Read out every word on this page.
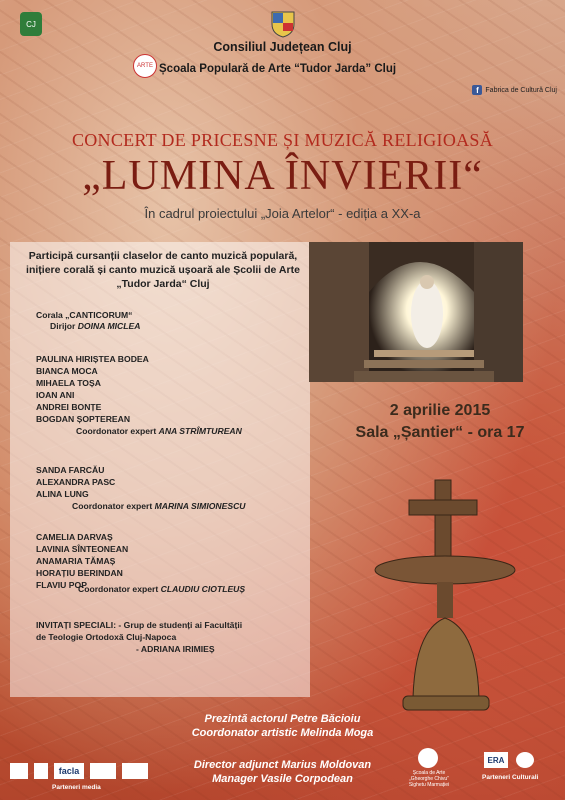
CJ
Consiliul Județean Cluj
ARTE Școala Populară de Arte “Tudor Jarda” Cluj
f Fabrica de Cultură Cluj
CONCERT DE PRICESNE ȘI MUZICĂ RELIGIOASĂ
„LUMINA ÎNVIERII“
În cadrul proiectului „Joia Artelor“ - ediția a XX-a
Participă cursanții claselor de canto muzică populară, inițiere corală și canto muzică ușoară ale Școlii de Arte „Tudor Jarda“ Cluj
Corala „CANTICORUM“
Dirijor DOINA MICLEA
PAULINA HIRIȘTEA BODEA
BIANCA MOCA
MIHAELA TOȘA
IOAN ANI
ANDREI BONȚE
BOGDAN ȘOPTEREAN
Coordonator expert ANA STRÎMTUREAN
SANDA FARCĂU
ALEXANDRA PASC
ALINA LUNG
Coordonator expert MARINA SIMIONESCU
CAMELIA DARVAȘ
LAVINIA SÎNTEONEAN
ANAMARIA TĂMAȘ
HORAȚIU BERINDAN
FLAVIU POP
Coordonator expert CLAUDIU CIOTLEUȘ
INVITAȚI SPECIALI: - Grup de studenți ai Facultății
de Teologie Ortodoxă Cluj-Napoca
- ADRIANA IRIMIEȘ
2 aprilie 2015
Sala „Șantier“ - ora 17
Prezintă actorul Petre Băcioiu
Coordonator artistic Melinda Moga
Director adjunct Marius Moldovan
Manager Vasile Corpodean
facla
Parteneri media
Școala de Arte „Gheorghe Chivu” Sighetu Marmației
ERA
Parteneri Culturali
